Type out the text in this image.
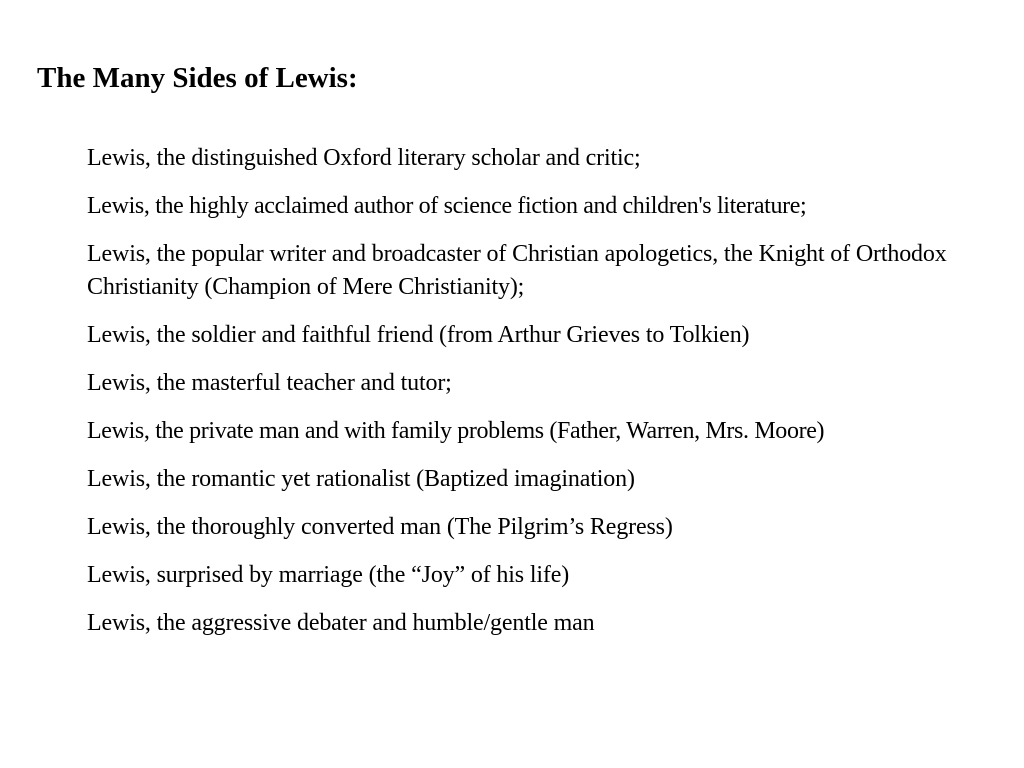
The Many Sides of Lewis:
Lewis, the distinguished Oxford literary scholar and critic;
Lewis, the highly acclaimed author of science fiction and children's literature;
Lewis, the popular writer and broadcaster of Christian apologetics, the Knight of Orthodox Christianity (Champion of Mere Christianity);
Lewis, the soldier and faithful friend (from Arthur Grieves to Tolkien)
Lewis, the masterful teacher and tutor;
Lewis, the private man and with family problems (Father, Warren, Mrs. Moore)
Lewis, the romantic yet rationalist (Baptized imagination)
Lewis, the thoroughly converted man (The Pilgrim’s Regress)
Lewis, surprised by marriage (the “Joy” of his life)
Lewis, the aggressive debater and humble/gentle man
